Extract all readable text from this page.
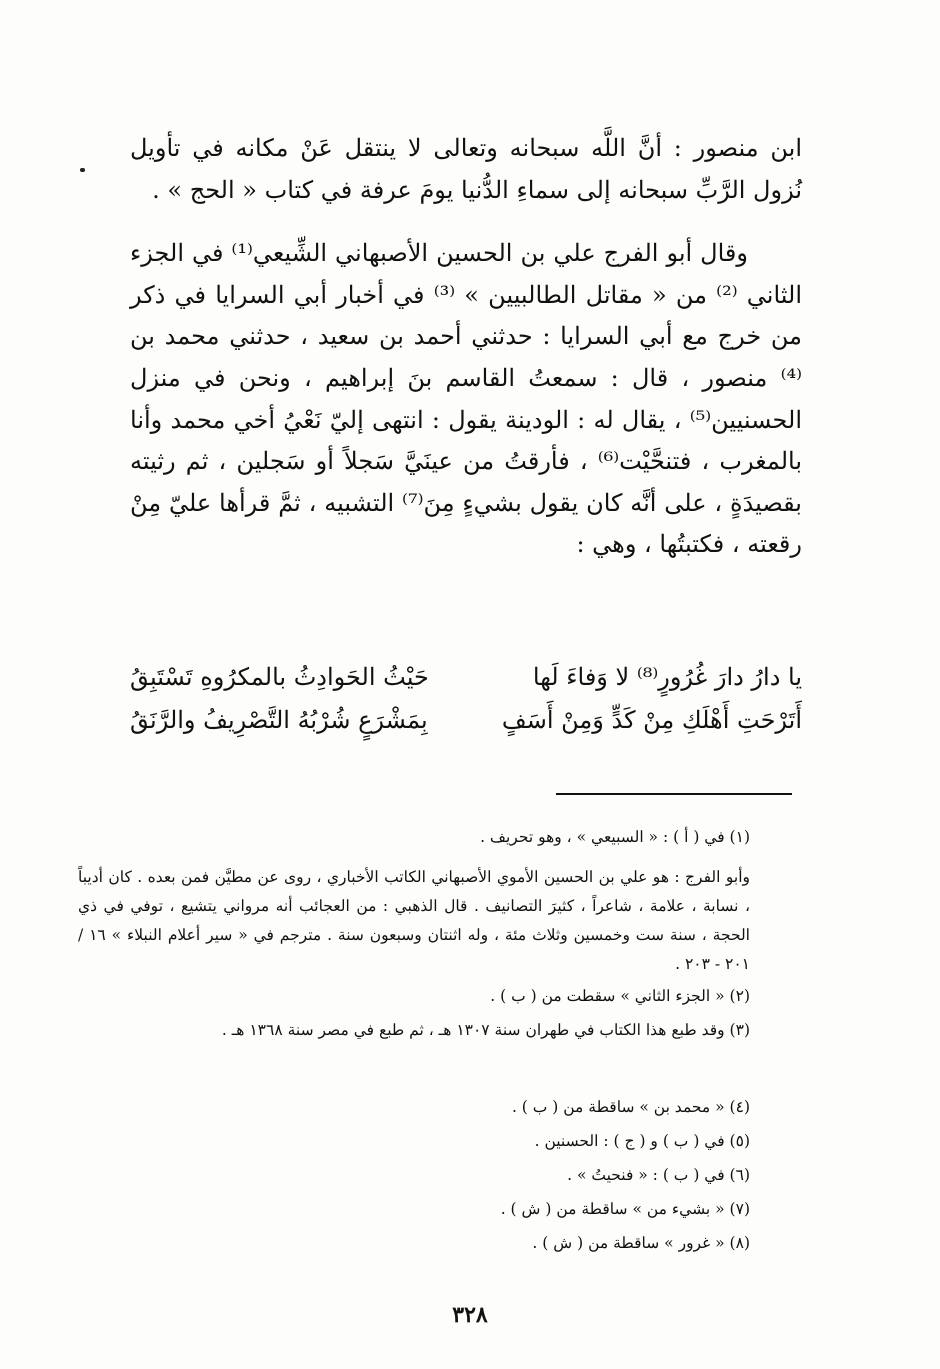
ابن منصور : أنَّ اللَّه سبحانه وتعالى لا ينتقل عَنْ مكانه في تأويل نُزول الرَّبِّ سبحانه إلى سماءِ الدُّنيا يومَ عرفة في كتاب « الحج » .

وقال أبو الفرج علي بن الحسين الأصبهاني الشِّيعي⁽¹⁾ في الجزء الثاني ⁽²⁾ من « مقاتل الطالبيين » ⁽³⁾ في أخبار أبي السرايا في ذكر من خرج مع أبي السرايا : حدثني أحمد بن سعيد ، حدثني محمد بن ⁽⁴⁾ منصور ، قال : سمعتُ القاسم بنَ إبراهيم ، ونحن في منزل الحسنيين⁽⁵⁾ ، يقال له : الودينة يقول : انتهى إليّ نَعْيُ أخي محمد وأنا بالمغرب ، فتنحَّيْت⁽⁶⁾ ، فأرقتُ من عينَيَّ سَجلاً أو سَجلين ، ثم رثيته بقصيدَةٍ ، على أنَّه كان يقول بشيءٍ مِنَ⁽⁷⁾ التشبيه ، ثمَّ قرأها عليّ مِنْ رقعته ، فكتبتُها ، وهي :

يا دارُ دارَ غُرُورٍ⁽⁸⁾ لا وَفاءَ لَها
حَيْثُ الحَوادِثُ بالمكرُوهِ تَسْتَبِقُ
أَتَرْحَتِ أَهْلَكِ مِنْ كَدٍّ وَمِنْ أَسَفٍ
بِمَشْرَعٍ شُرْبُهُ التَّصْرِيفُ والرَّنَقُ
(١) في ( أ ) : « السبيعي » ، وهو تحريف .
وأبو الفرج : هو علي بن الحسين الأموي الأصبهاني الكاتب الأخباري ، روى عن مطيَّن فمن بعده . كان أديباً ، نسابة ، علامة ، شاعراً ، كثيرَ التصانيف . قال الذهبي : من العجائب أنه مرواني يتشيع ، توفي في ذي الحجة ، سنة ست وخمسين وثلاث مئة ، وله اثنتان وسبعون سنة . مترجم في « سير أعلام النبلاء » ١٦ / ٢٠١ - ٢٠٣ .
(٢) « الجزء الثاني » سقطت من ( ب ) .
(٣) وقد طبع هذا الكتاب في طهران سنة ١٣٠٧ هـ ، ثم طبع في مصر سنة ١٣٦٨ هـ .
(٤) « محمد بن » ساقطة من ( ب ) .
(٥) في ( ب ) و ( ج ) : الحسنين .
(٦) في ( ب ) : « فنحيتُ » .
(٧) « بشيء من » ساقطة من ( ش ) .
(٨) « غرور » ساقطة من ( ش ) .
٣٢٨
